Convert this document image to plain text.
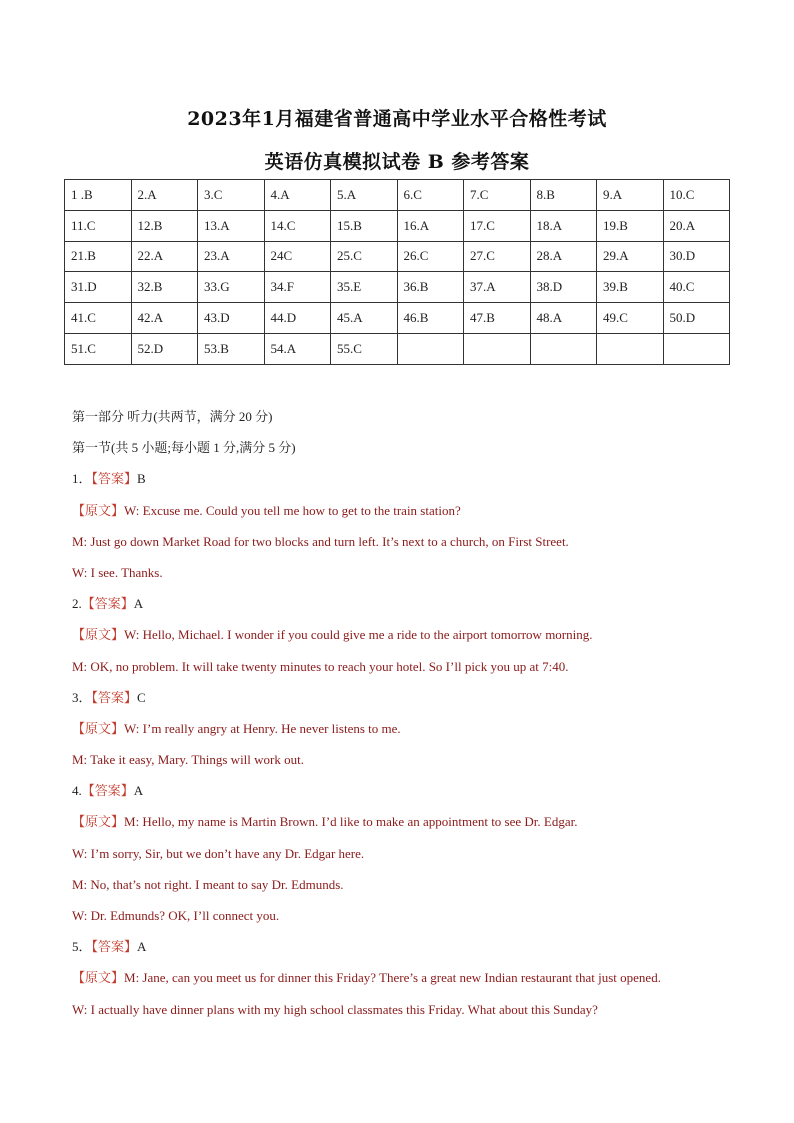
2023年1月福建省普通高中学业水平合格性考试
英语仿真模拟试卷 B 参考答案
1 .B	2.A	3.C	4.A	5.A	6.C	7.C	8.B	9.A	10.C
11.C	12.B	13.A	14.C	15.B	16.A	17.C	18.A	19.B	20.A
21.B	22.A	23.A	24C	25.C	26.C	27.C	28.A	29.A	30.D
31.D	32.B	33.G	34.F	35.E	36.B	37.A	38.D	39.B	40.C
41.C	42.A	43.D	44.D	45.A	46.B	47.B	48.A	49.C	50.D
51.C	52.D	53.B	54.A	55.C					
第一部分 听力(共两节，满分 20 分)
第一节(共 5 小题;每小题 1 分,满分 5 分)
1．【答案】B
【原文】W: Excuse me. Could you tell me how to get to the train station?
M: Just go down Market Road for two blocks and turn left. It’s next to a church, on First Street.
W: I see. Thanks.
2.【答案】A
【原文】W: Hello, Michael. I wonder if you could give me a ride to the airport tomorrow morning.
M: OK, no problem. It will take twenty minutes to reach your hotel. So I’ll pick you up at 7:40.
3．【答案】C
【原文】W: I’m really angry at Henry. He never listens to me.
M: Take it easy, Mary. Things will work out.
4.【答案】A
【原文】M: Hello, my name is Martin Brown. I’d like to make an appointment to see Dr. Edgar.
W: I’m sorry, Sir, but we don’t have any Dr. Edgar here.
M: No, that’s not right. I meant to say Dr. Edmunds.
W: Dr. Edmunds? OK, I’ll connect you.
5．【答案】A
【原文】M: Jane, can you meet us for dinner this Friday? There’s a great new Indian restaurant that just opened.
W: I actually have dinner plans with my high school classmates this Friday. What about this Sunday?
